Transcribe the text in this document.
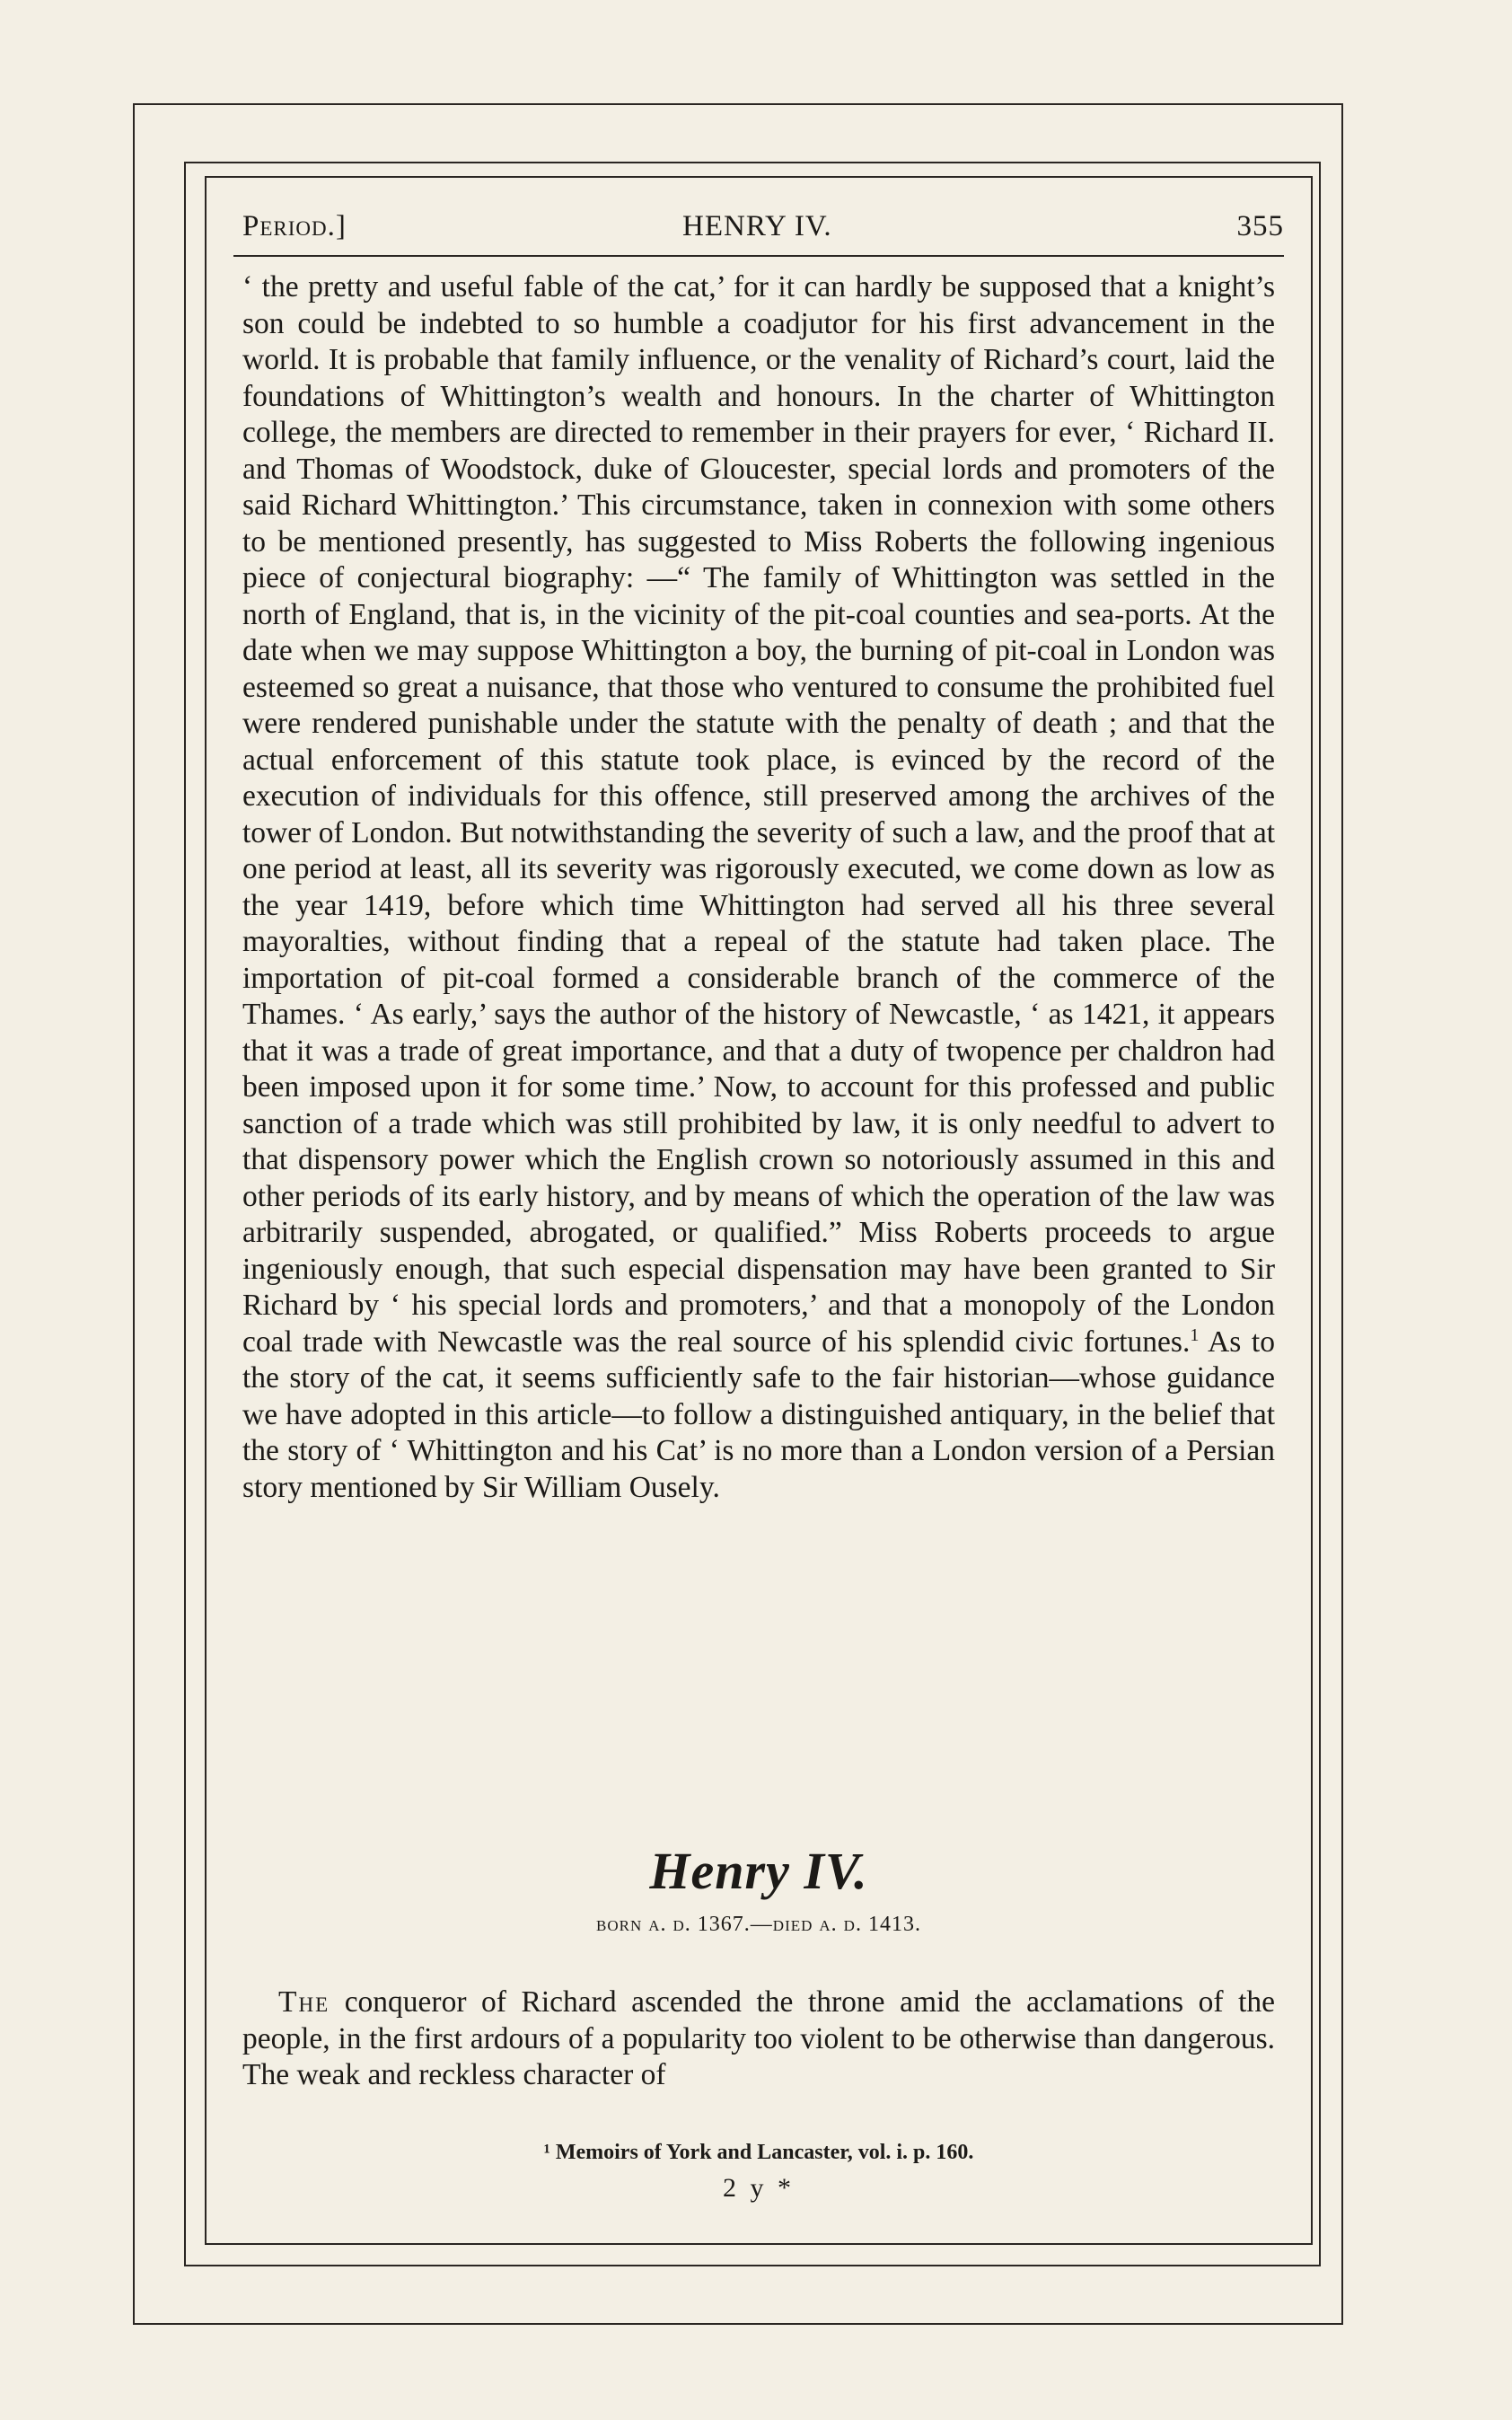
Period.]	HENRY IV.	355

‘ the pretty and useful fable of the cat,’ for it can hardly be supposed that a knight’s son could be indebted to so humble a coadjutor for his first advancement in the world. It is probable that family influence, or the venality of Richard’s court, laid the foundations of Whittington’s wealth and honours. In the charter of Whittington college, the members are directed to remember in their prayers for ever, ‘ Richard II. and Thomas of Woodstock, duke of Gloucester, special lords and promoters of the said Richard Whittington.’ This circumstance, taken in connexion with some others to be mentioned presently, has suggested to Miss Roberts the following ingenious piece of conjectural biography: —“ The family of Whittington was settled in the north of England, that is, in the vicinity of the pit-coal counties and sea-ports. At the date when we may suppose Whittington a boy, the burning of pit-coal in London was esteemed so great a nuisance, that those who ventured to consume the prohibited fuel were rendered punishable under the statute with the penalty of death ; and that the actual enforcement of this statute took place, is evinced by the record of the execution of individuals for this offence, still preserved among the archives of the tower of London. But notwithstanding the severity of such a law, and the proof that at one period at least, all its severity was rigorously executed, we come down as low as the year 1419, before which time Whittington had served all his three several mayoralties, without finding that a repeal of the statute had taken place. The importation of pit-coal formed a considerable branch of the commerce of the Thames. ‘ As early,’ says the author of the history of Newcastle, ‘ as 1421, it appears that it was a trade of great importance, and that a duty of twopence per chaldron had been imposed upon it for some time.’ Now, to account for this professed and public sanction of a trade which was still prohibited by law, it is only needful to advert to that dispensory power which the English crown so notoriously assumed in this and other periods of its early history, and by means of which the operation of the law was arbitrarily suspended, abrogated, or qualified.” Miss Roberts proceeds to argue ingeniously enough, that such especial dispensation may have been granted to Sir Richard by ‘ his special lords and promoters,’ and that a monopoly of the London coal trade with Newcastle was the real source of his splendid civic fortunes.$^1$ As to the story of the cat, it seems sufficiently safe to the fair historian—whose guidance we have adopted in this article—to follow a distinguished antiquary, in the belief that the story of ‘ Whittington and his Cat’ is no more than a London version of a Persian story mentioned by Sir William Ousely.

Henry IV.
born a. d. 1367.—died a. d. 1413.
The conqueror of Richard ascended the throne amid the acclamations of the people, in the first ardours of a popularity too violent to be otherwise than dangerous. The weak and reckless character of
¹ Memoirs of York and Lancaster, vol. i. p. 160.
2 y *
